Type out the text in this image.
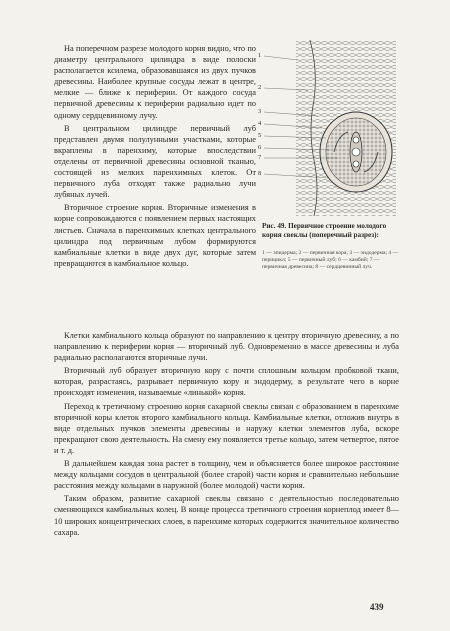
На поперечном разрезе молодого корня видно, что по диаметру центрального цилиндра в виде полоски располагается ксилема, образовавшаяся из двух пучков древесины. Наиболее крупные сосуды лежат в центре, мелкие — ближе к периферии. От каждого сосуда первичной древесины к периферии радиально идет по одному сердцевинному лучу.

В центральном цилиндре первичный луб представлен двумя полулунными участками, которые вкраплены в паренхиму, которые впоследствии отделены от первичной древесины основной тканью, состоящей из мелких паренхимных клеток. От первичного луба отходят также радиально лучи лубяных лучей.

Вторичное строение корня. Вторичные изменения в корне сопровождаются с появлением первых настоящих листьев. Сначала в паренхимных клетках центрального цилиндра под первичным лубом формируются камбиальные клетки в виде двух дуг, которые затем превращаются в камбиальное кольцо.

1
2
3
4
5
6
7
8
Рис. 49. Первичное строение молодого корня свеклы (поперечный разрез):
1 — эпидерма; 2 — первичная кора; 3 — эндодерма; 4 — перицикл; 5 — первичный луб; 6 — камбий; 7 — первичная древесина; 8 — сердцевинный луч.

Клетки камбиального кольца образуют по направлению к центру вторичную древесину, а по направлению к периферии корня — вторичный луб. Одновременно в массе древесины и луба радиально располагаются вторичные лучи.

Вторичный луб образует вторичную кору с почти сплошным кольцом пробковой ткани, которая, разрастаясь, разрывает первичную кору и эндодерму, в результате чего в корне происходят изменения, называемые «линькой» корня.

Переход к третичному строению корня сахарной свеклы связан с образованием в паренхиме вторичной коры клеток второго камбиального кольца. Камбиальные клетки, отложив внутрь в виде отдельных пучков элементы древесины и наружу клетки элементов луба, вскоре прекращают свою деятельность. На смену ему появляется третье кольцо, затем четвертое, пятое и т. д.

В дальнейшем каждая зона растет в толщину, чем и объясняется более широкое расстояние между кольцами сосудов в центральной (более старой) части корня и сравнительно небольшие расстояния между кольцами в наружной (более молодой) части корня.

Таким образом, развитие сахарной свеклы связано с деятельностью последовательно сменяющихся камбиальных колец. В конце процесса третичного строения корнеплод имеет 8—10 широких концентрических слоев, в паренхиме которых содержится значительное количество сахара.

439
